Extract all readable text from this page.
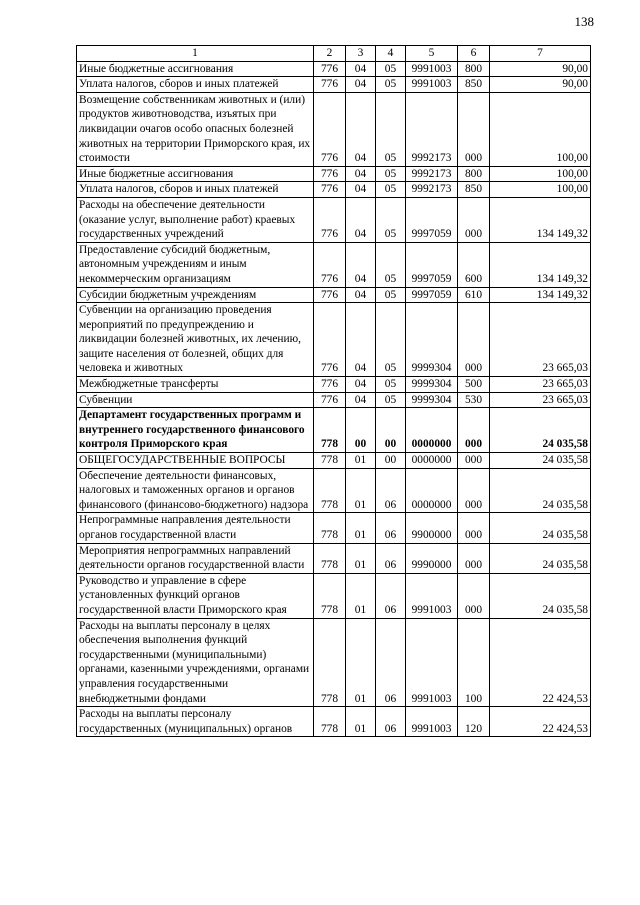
138
1	2	3	4	5	6	7
Иные бюджетные ассигнования	776	04	05	9991003	800	90,00
Уплата налогов, сборов и иных платежей	776	04	05	9991003	850	90,00
Возмещение собственникам животных и (или) продуктов животноводства, изъятых при ликвидации очагов особо опасных болезней животных на территории Приморского края, их стоимости	776	04	05	9992173	000	100,00
Иные бюджетные ассигнования	776	04	05	9992173	800	100,00
Уплата налогов, сборов и иных платежей	776	04	05	9992173	850	100,00
Расходы на обеспечение деятельности (оказание услуг, выполнение работ) краевых государственных учреждений	776	04	05	9997059	000	134 149,32
Предоставление субсидий бюджетным, автономным учреждениям и иным некоммерческим организациям	776	04	05	9997059	600	134 149,32
Субсидии бюджетным учреждениям	776	04	05	9997059	610	134 149,32
Субвенции на организацию проведения мероприятий по предупреждению и ликвидации болезней животных, их лечению, защите населения от болезней, общих для человека и животных	776	04	05	9999304	000	23 665,03
Межбюджетные трансферты	776	04	05	9999304	500	23 665,03
Субвенции	776	04	05	9999304	530	23 665,03
Департамент государственных программ и внутреннего государственного финансового контроля Приморского края	778	00	00	0000000	000	24 035,58
ОБЩЕГОСУДАРСТВЕННЫЕ ВОПРОСЫ	778	01	00	0000000	000	24 035,58
Обеспечение деятельности финансовых, налоговых и таможенных органов и органов финансового (финансово-бюджетного) надзора	778	01	06	0000000	000	24 035,58
Непрограммные направления деятельности органов государственной власти	778	01	06	9900000	000	24 035,58
Мероприятия непрограммных направлений деятельности органов государственной власти	778	01	06	9990000	000	24 035,58
Руководство и управление в сфере установленных функций органов государственной власти Приморского края	778	01	06	9991003	000	24 035,58
Расходы на выплаты персоналу в целях обеспечения выполнения функций государственными (муниципальными) органами, казенными учреждениями, органами управления государственными внебюджетными фондами	778	01	06	9991003	100	22 424,53
Расходы на выплаты персоналу государственных (муниципальных) органов	778	01	06	9991003	120	22 424,53
